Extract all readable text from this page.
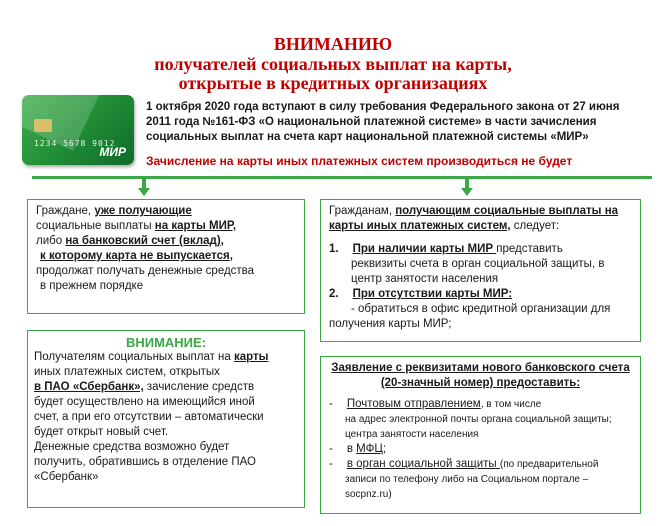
ВНИМАНИЮ
получателей социальных выплат на карты,
открытые в кредитных организациях
1234 5678 9012
МИР
1 октября 2020 года вступают в силу требования Федерального закона от 27 июня 2011 года №161-ФЗ «О национальной платежной системе» в части зачисления социальных выплат на счета карт национальной платежной системы «МИР»
Зачисление на карты иных платежных систем производиться не будет
Граждане, уже получающие
социальные выплаты на карты МИР,
либо на банковский счет (вклад),
к которому карта не выпускается,
продолжат получать денежные средства
в прежнем порядке
ВНИМАНИЕ:
Получателям социальных выплат на карты
иных платежных систем, открытых
в ПАО «Сбербанк», зачисление средств
будет осуществлено на имеющийся иной
счет, а при его отсутствии – автоматически
будет открыт новый счет.
Денежные средства возможно будет
получить, обратившись в отделение ПАО
«Сбербанк»
Гражданам, получающим социальные выплаты на
карты иных платежных систем, следует:
1. При наличии карты МИР представить
реквизиты счета в орган социальной защиты, в
центр занятости населения
2. При отсутствии карты МИР:
- обратиться в офис кредитной организации для
получения карты МИР;
Заявление с реквизитами нового банковского счета
(20-значный номер) предоставить:
- Почтовым отправлением, в том числе
на адрес электронной почты органа социальной защиты;
центра занятости населения
- в МФЦ;
- в орган социальной защиты (по предварительной
записи по телефону либо на Социальном портале –
socpnz.ru)
